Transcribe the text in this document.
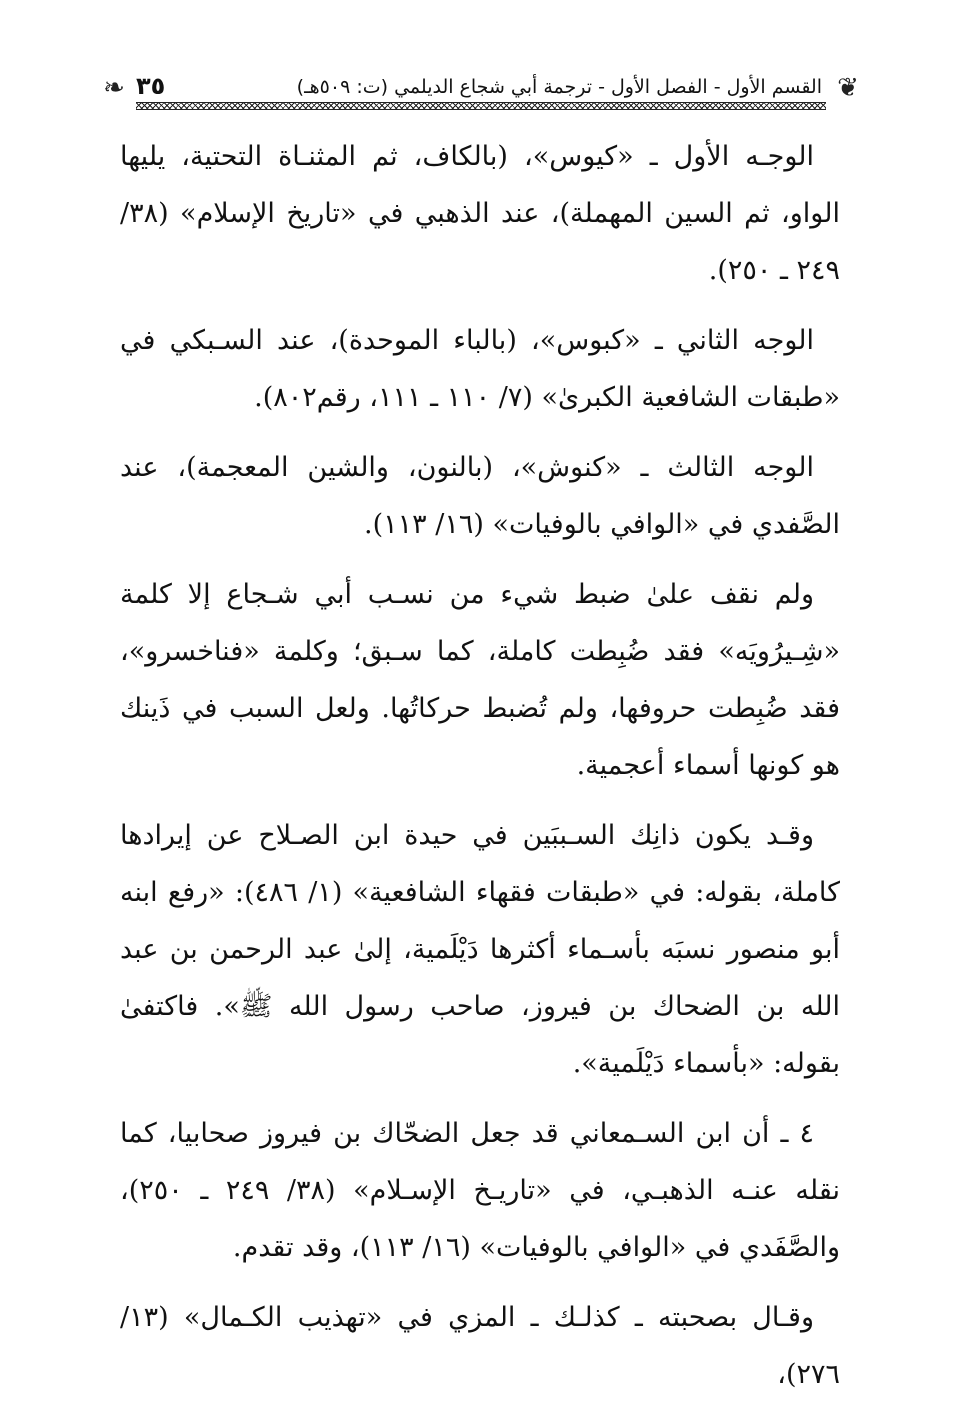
❦
القسم الأول - الفصل الأول - ترجمة أبي شجاع الديلمي (ت: ٥٠٩هـ)
٣٥
❧

الوجـه الأول ـ «كيوس»، (بالكاف، ثم المثنـاة التحتية، يليها الواو، ثم السين المهملة)، عند الذهبي في «تاريخ الإسلام» (٣٨/ ٢٤٩ ـ ٢٥٠).

الوجه الثاني ـ «كبوس»، (بالباء الموحدة)، عند السـبكي في «طبقات الشافعية الكبرىٰ» (٧/ ١١٠ ـ ١١١، رقم٨٠٢).

الوجه الثالث ـ «كنوش»، (بالنون، والشين المعجمة)، عند الصَّفدي في «الوافي بالوفيات» (١٦/ ١١٣).

ولم نقف علىٰ ضبط شيء من نسـب أبي شـجاع إلا كلمة «شِـيرُويَه» فقد ضُبِطت كاملة، كما سـبق؛ وكلمة «فناخسرو»، فقد ضُبِطت حروفها، ولم تُضبط حركاتُها. ولعل السبب في ذَينك هو كونها أسماء أعجمية.

وقـد يكون ذانِك السـببَين في حيدة ابن الصـلاح عن إيرادها كاملة، بقوله: في «طبقات فقهاء الشافعية» (١/ ٤٨٦): «رفع ابنه أبو منصور نسبَه بأسـماء أكثرها دَيْلَمية، إلىٰ عبد الرحمن بن عبد الله بن الضحاك بن فيروز، صاحب رسول الله ﷺ». فاكتفىٰ بقوله: «بأسماء دَيْلَمية».

٤ ـ أن ابن السـمعاني قد جعل الضحّاك بن فيروز صحابيا، كما نقله عنـه الذهبـي، في «تاريـخ الإسـلام» (٣٨/ ٢٤٩ ـ ٢٥٠)، والصَّفَدي في «الوافي بالوفيات» (١٦/ ١١٣)، وقد تقدم.

وقـال بصحبته ـ كذلـك ـ المزي في «تهذيب الكـمال» (١٣/ ٢٧٦)،
